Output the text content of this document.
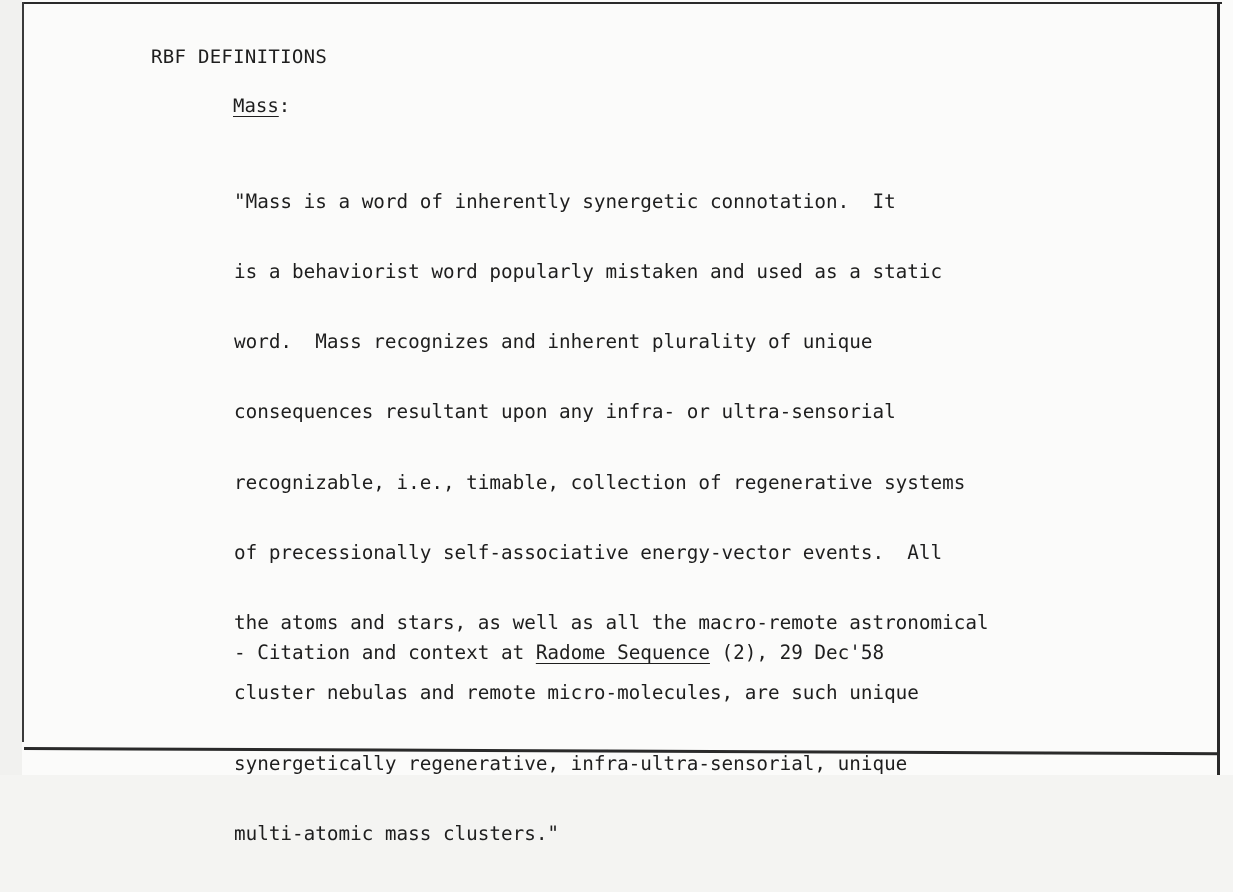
RBF DEFINITIONS
Mass:

"Mass is a word of inherently synergetic connotation.  It

is a behaviorist word popularly mistaken and used as a static

word.  Mass recognizes and inherent plurality of unique

consequences resultant upon any infra- or ultra-sensorial

recognizable, i.e., timable, collection of regenerative systems

of precessionally self-associative energy-vector events.  All

the atoms and stars, as well as all the macro-remote astronomical

cluster nebulas and remote micro-molecules, are such unique

synergetically regenerative, infra-ultra-sensorial, unique

multi-atomic mass clusters."

- Citation and context at Radome Sequence (2), 29 Dec'58
